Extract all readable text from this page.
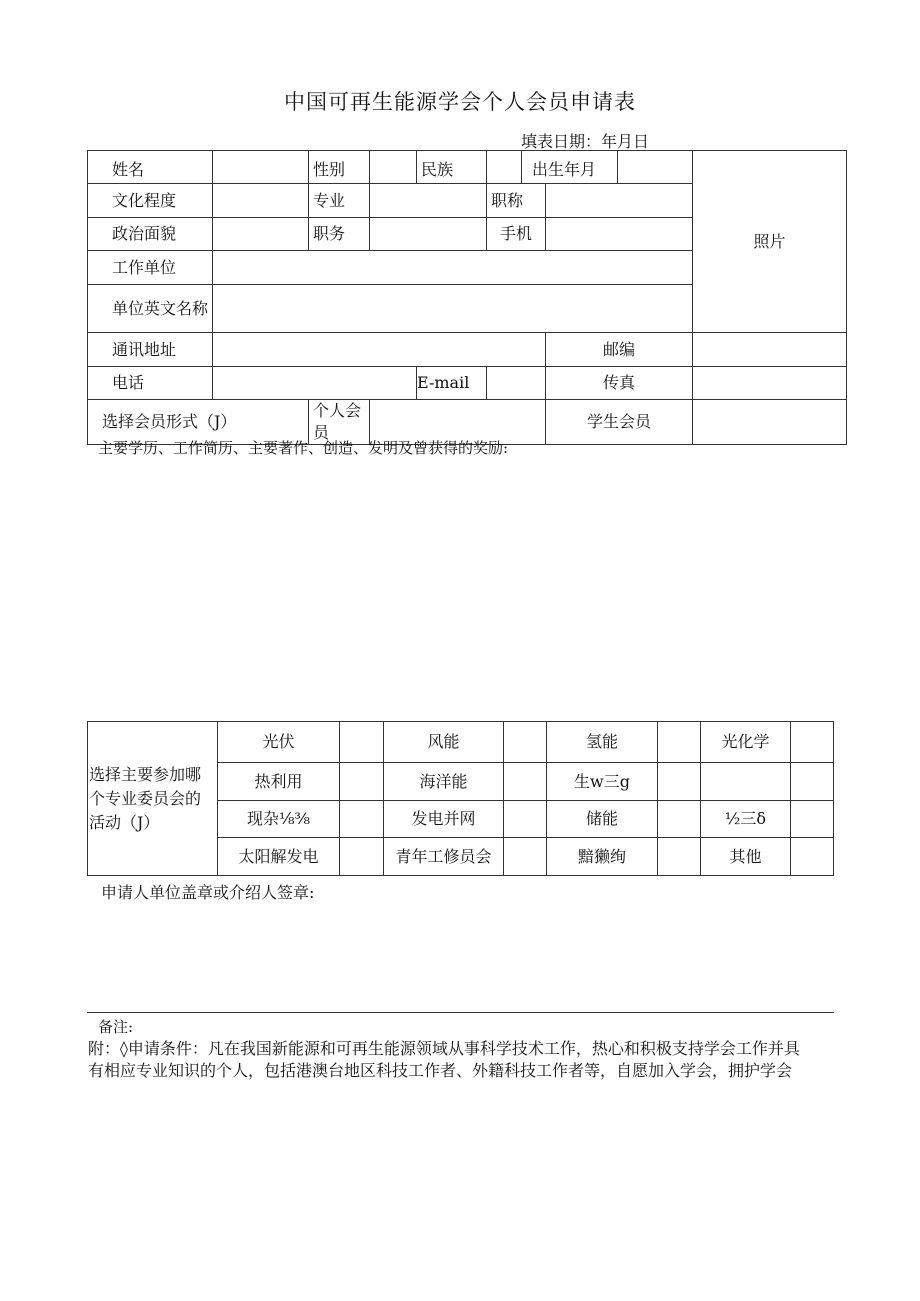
中国可再生能源学会个人会员申请表
填表日期：年月日
姓名		性别		民族		出生年月			照片
文化程度		专业			职称				
政治面貌		职务			手机				
工作单位									
单位英文名称									
通讯地址							邮编		
电话				E-mail			传真		
选择会员形式（J）		个人会员					学生会员		
主要学历、工作简历、主要著作、创造、发明及曾获得的奖励:
选择主要参加哪个专业委员会的活动（J）	光伏		风能		氢能		光化学	
	热利用		海洋能		生w三g			
	现杂⅛⅜		发电并网		储能		½三δ	
	太阳解发电		青年工修员会		黯獭绚		其他	
申请人单位盖章或介绍人签章:
备注:

附：◊申请条件：凡在我国新能源和可再生能源领域从事科学技术工作，热心和积极支持学会工作并具

有相应专业知识的个人，包括港澳台地区科技工作者、外籍科技工作者等，自愿加入学会，拥护学会
